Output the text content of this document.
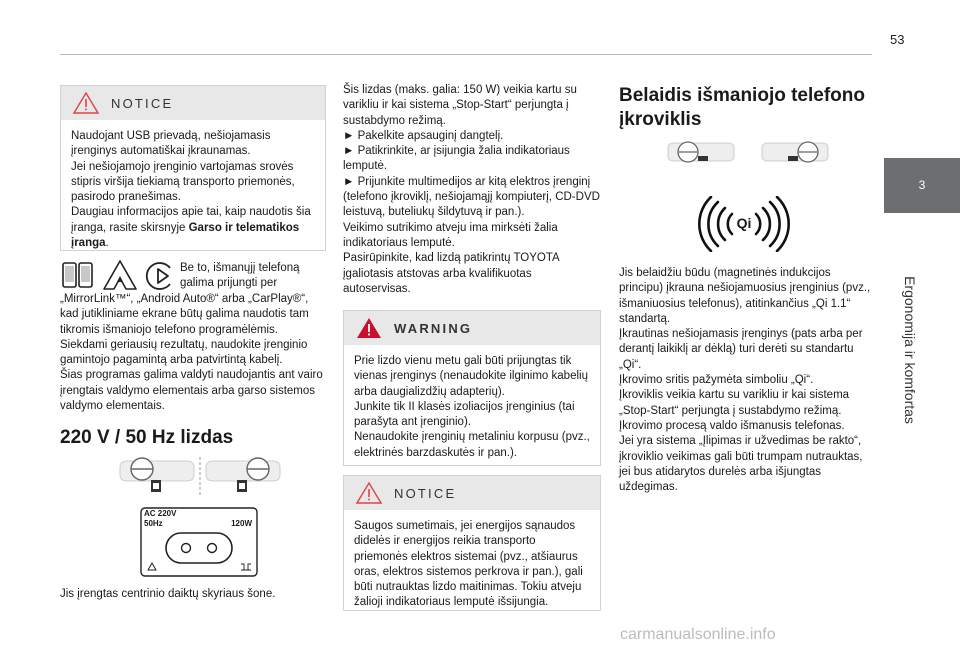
53
3
Ergonomija ir komfortas
NOTICE
Naudojant USB prievadą, nešiojamasis įrenginys automatiškai įkraunamas.
Jei nešiojamojo įrenginio vartojamas srovės stipris viršija tiekiamą transporto priemonės, pasirodo pranešimas.
Daugiau informacijos apie tai, kaip naudotis šia įranga, rasite skirsnyje Garso ir telematikos įranga.
Be to, išmanųjį telefoną galima prijungti per
„MirrorLink™“, „Android Auto®“ arba „CarPlay®“, kad jutikliniame ekrane būtų galima naudotis tam tikromis išmaniojo telefono programėlėmis.
Siekdami geriausių rezultatų, naudokite įrenginio gamintojo pagamintą arba patvirtintą kabelį.
Šias programas galima valdyti naudojantis ant vairo įrengtais valdymo elementais arba garso sistemos valdymo elementais.
220 V / 50 Hz lizdas
AC 220V
50Hz	120W
Jis įrengtas centrinio daiktų skyriaus šone.
Šis lizdas (maks. galia: 150 W) veikia kartu su varikliu ir kai sistema „Stop-Start“ perjungta į sustabdymo režimą.
► Pakelkite apsauginį dangtelį.
► Patikrinkite, ar įsijungia žalia indikatoriaus lemputė.
► Prijunkite multimedijos ar kitą elektros įrenginį (telefono įkroviklį, nešiojamąjį kompiuterį, CD-DVD leistuvą, buteliukų šildytuvą ir pan.).
Veikimo sutrikimo atveju ima mirksėti žalia indikatoriaus lemputė.
Pasirūpinkite, kad lizdą patikrintų TOYOTA įgaliotasis atstovas arba kvalifikuotas autoservisas.
WARNING
Prie lizdo vienu metu gali būti prijungtas tik vienas įrenginys (nenaudokite ilginimo kabelių arba daugializdžių adapterių).
Junkite tik II klasės izoliacijos įrenginius (tai parašyta ant įrenginio).
Nenaudokite įrenginių metaliniu korpusu (pvz., elektrinės barzdaskutės ir pan.).
NOTICE
Saugos sumetimais, jei energijos sąnaudos didelės ir energijos reikia transporto priemonės elektros sistemai (pvz., atšiaurus oras, elektros sistemos perkrova ir pan.), gali būti nutrauktas lizdo maitinimas. Tokiu atveju žalioji indikatoriaus lemputė išsijungia.
Belaidis išmaniojo telefono įkroviklis
Qi
Jis belaidžiu būdu (magnetinės indukcijos principu) įkrauna nešiojamuosius įrenginius (pvz., išmaniuosius telefonus), atitinkančius „Qi 1.1“ standartą.
Įkrautinas nešiojamasis įrenginys (pats arba per derantį laikiklį ar dėklą) turi derėti su standartu „Qi“.
Įkrovimo sritis pažymėta simboliu „Qi“.
Įkroviklis veikia kartu su varikliu ir kai sistema „Stop-Start“ perjungta į sustabdymo režimą.
Įkrovimo procesą valdo išmanusis telefonas.
Jei yra sistema „Įlipimas ir užvedimas be rakto“, įkroviklio veikimas gali būti trumpam nutrauktas, jei bus atidarytos durelės arba išjungtas uždegimas.
carmanualsonline.info
